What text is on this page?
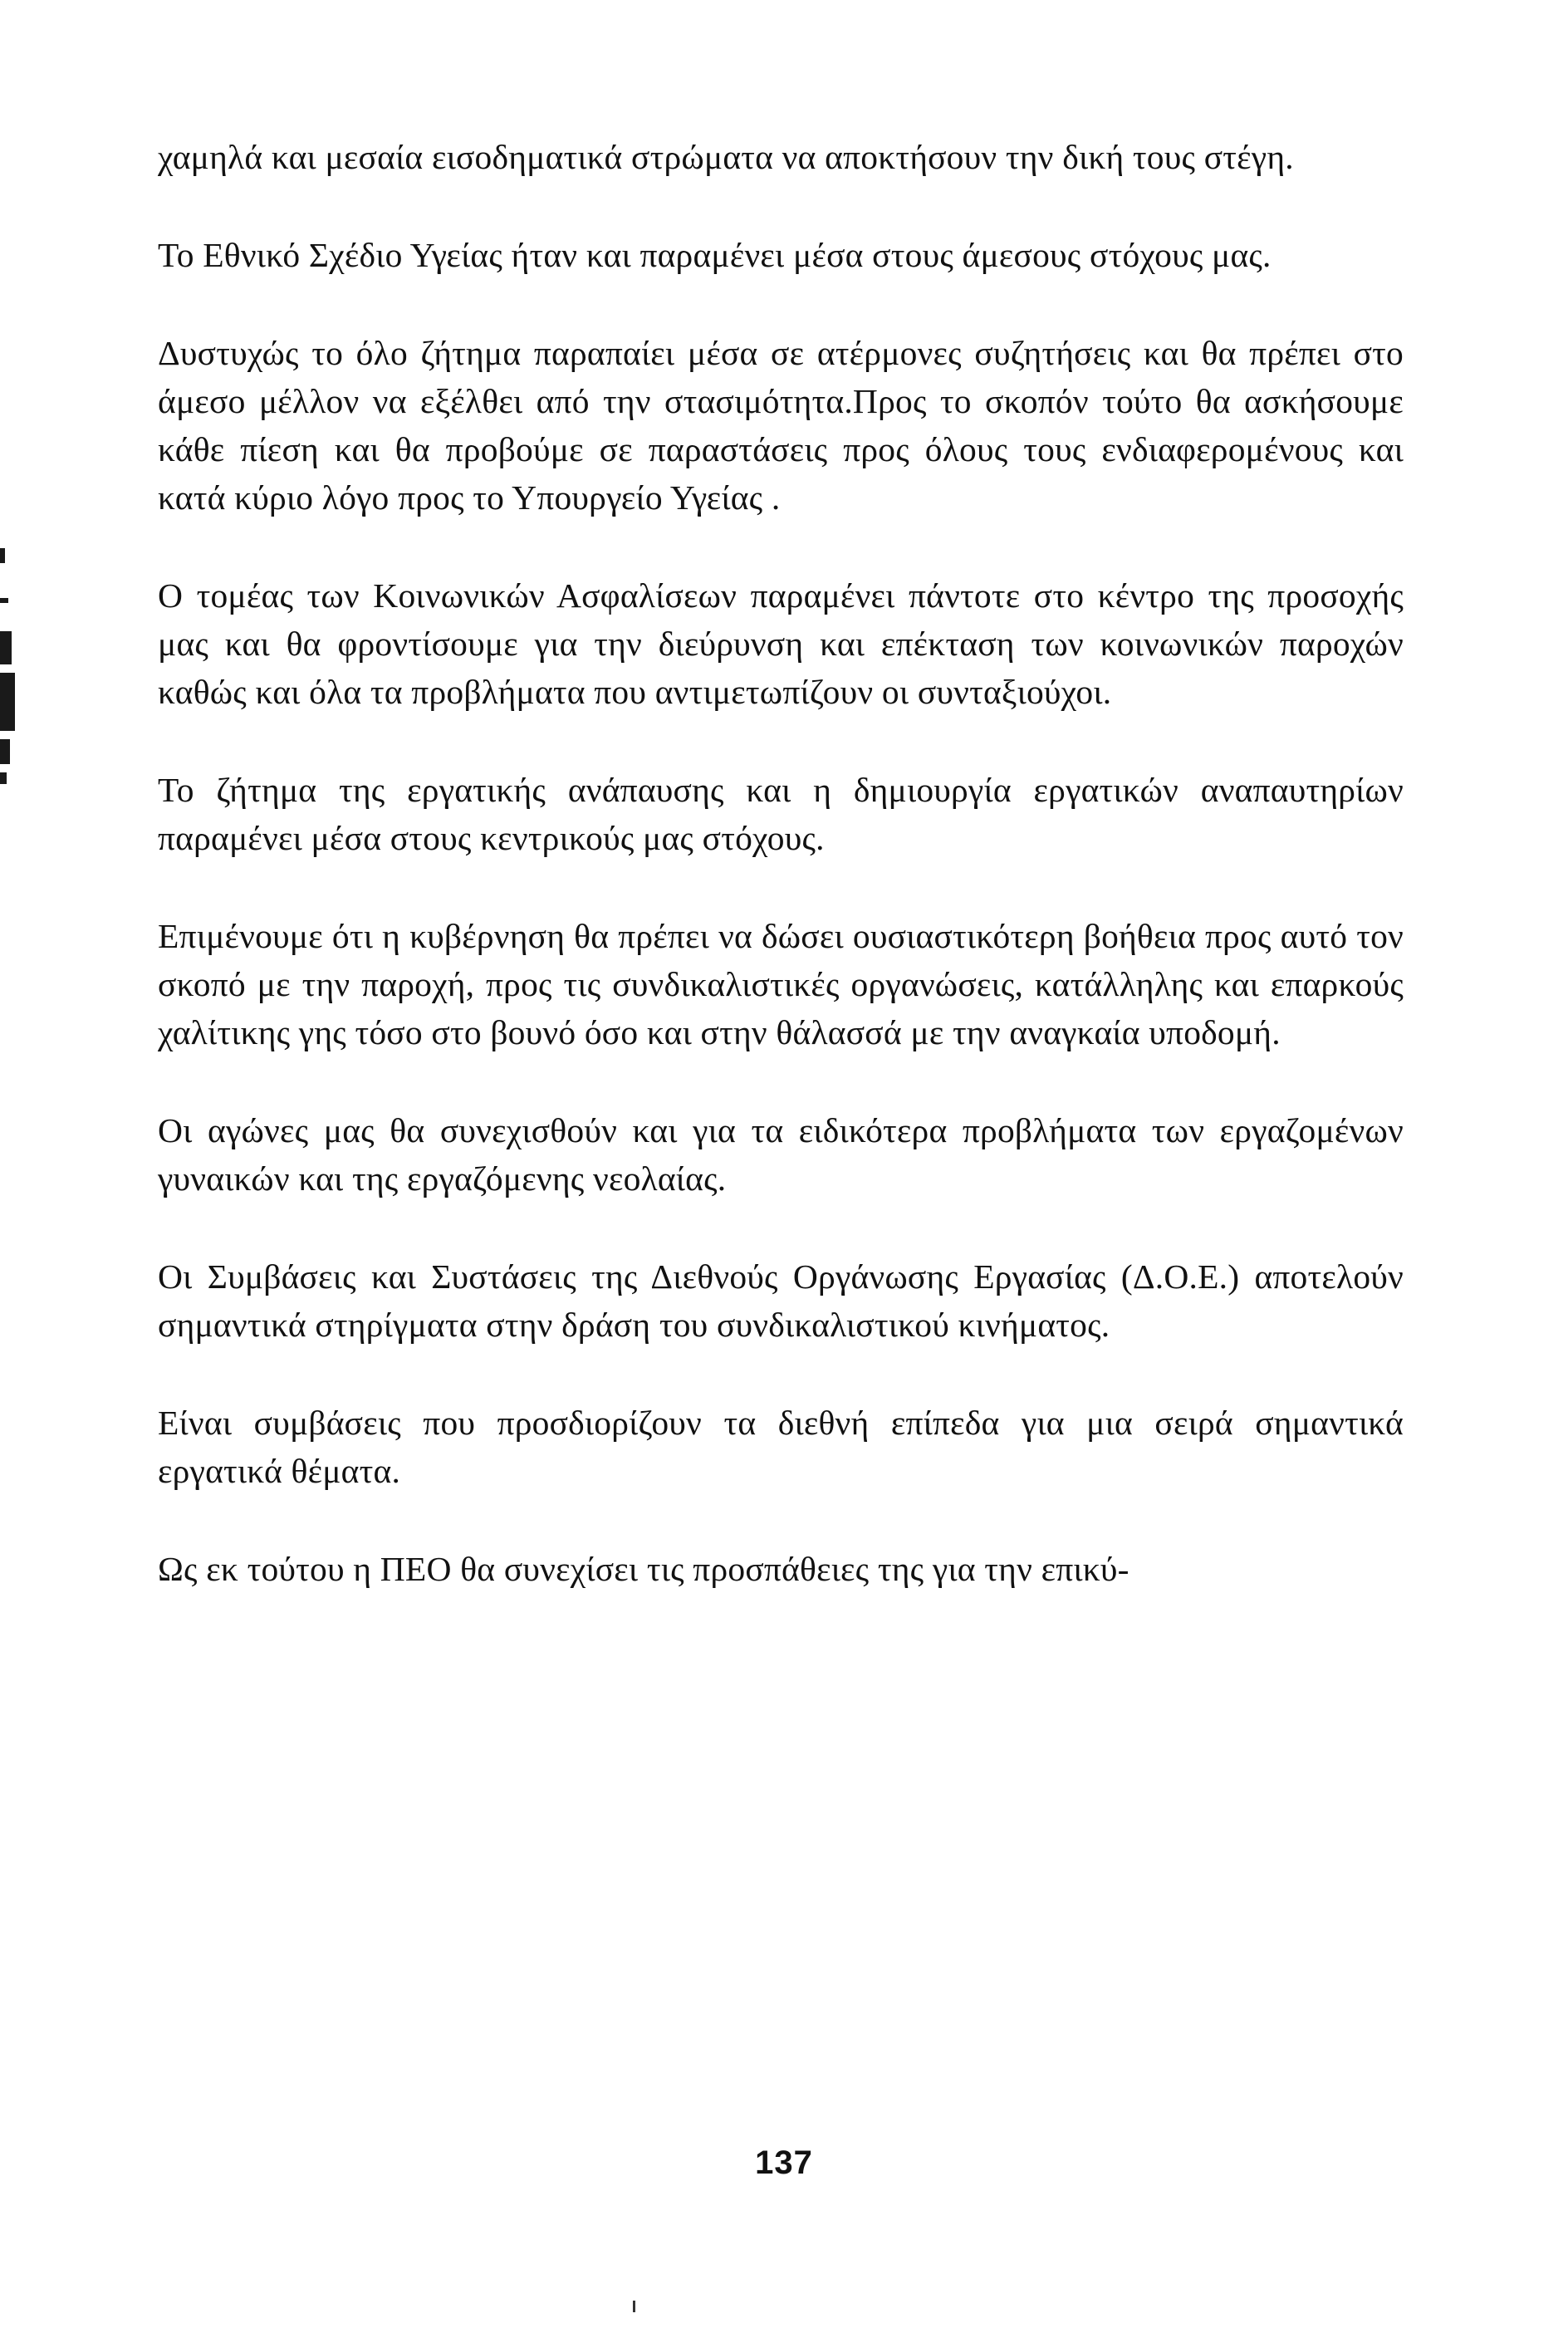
χαμηλά και μεσαία εισοδηματικά στρώματα να αποκτήσουν την δική τους στέγη.

Το Εθνικό Σχέδιο Υγείας ήταν και παραμένει μέσα στους άμεσους στόχους μας.

Δυστυχώς το όλο ζήτημα παραπαίει μέσα σε ατέρμονες συζητήσεις και θα πρέπει στο άμεσο μέλλον να εξέλθει από την στασιμότητα.Προς το σκοπόν τούτο θα ασκήσουμε κάθε πίεση και θα προβούμε σε παραστάσεις προς όλους τους ενδιαφερομένους και κατά κύριο λόγο προς το Υπουργείο Υγείας .

Ο τομέας των Κοινωνικών Ασφαλίσεων παραμένει πάντοτε στο κέντρο της προσοχής μας και θα φροντίσουμε για την διεύρυνση και επέκταση των κοινωνικών παροχών καθώς και όλα τα προβλήματα που αντιμετωπίζουν οι συνταξιούχοι.

Το ζήτημα της εργατικής ανάπαυσης και η δημιουργία εργατικών αναπαυτηρίων παραμένει μέσα στους κεντρικούς μας στόχους.

Επιμένουμε ότι η κυβέρνηση θα πρέπει να δώσει ουσιαστικότερη βοήθεια προς αυτό τον σκοπό με την παροχή, προς τις συνδικαλιστικές οργανώσεις, κατάλληλης και επαρκούς χαλίτικης γης τόσο στο βουνό όσο και στην θάλασσά με την αναγκαία υποδομή.

Οι αγώνες μας θα συνεχισθούν και για τα ειδικότερα προβλήματα των εργαζομένων γυναικών και της εργαζόμενης νεολαίας.

Οι Συμβάσεις και Συστάσεις της Διεθνούς Οργάνωσης Εργασίας (Δ.Ο.Ε.) αποτελούν σημαντικά στηρίγματα στην δράση του συνδικαλιστικού κινήματος.

Είναι συμβάσεις που προσδιορίζουν τα διεθνή επίπεδα για μια σειρά σημαντικά εργατικά θέματα.

Ως εκ τούτου η ΠΕΟ θα συνεχίσει τις προσπάθειες της για την επικύ-

137
